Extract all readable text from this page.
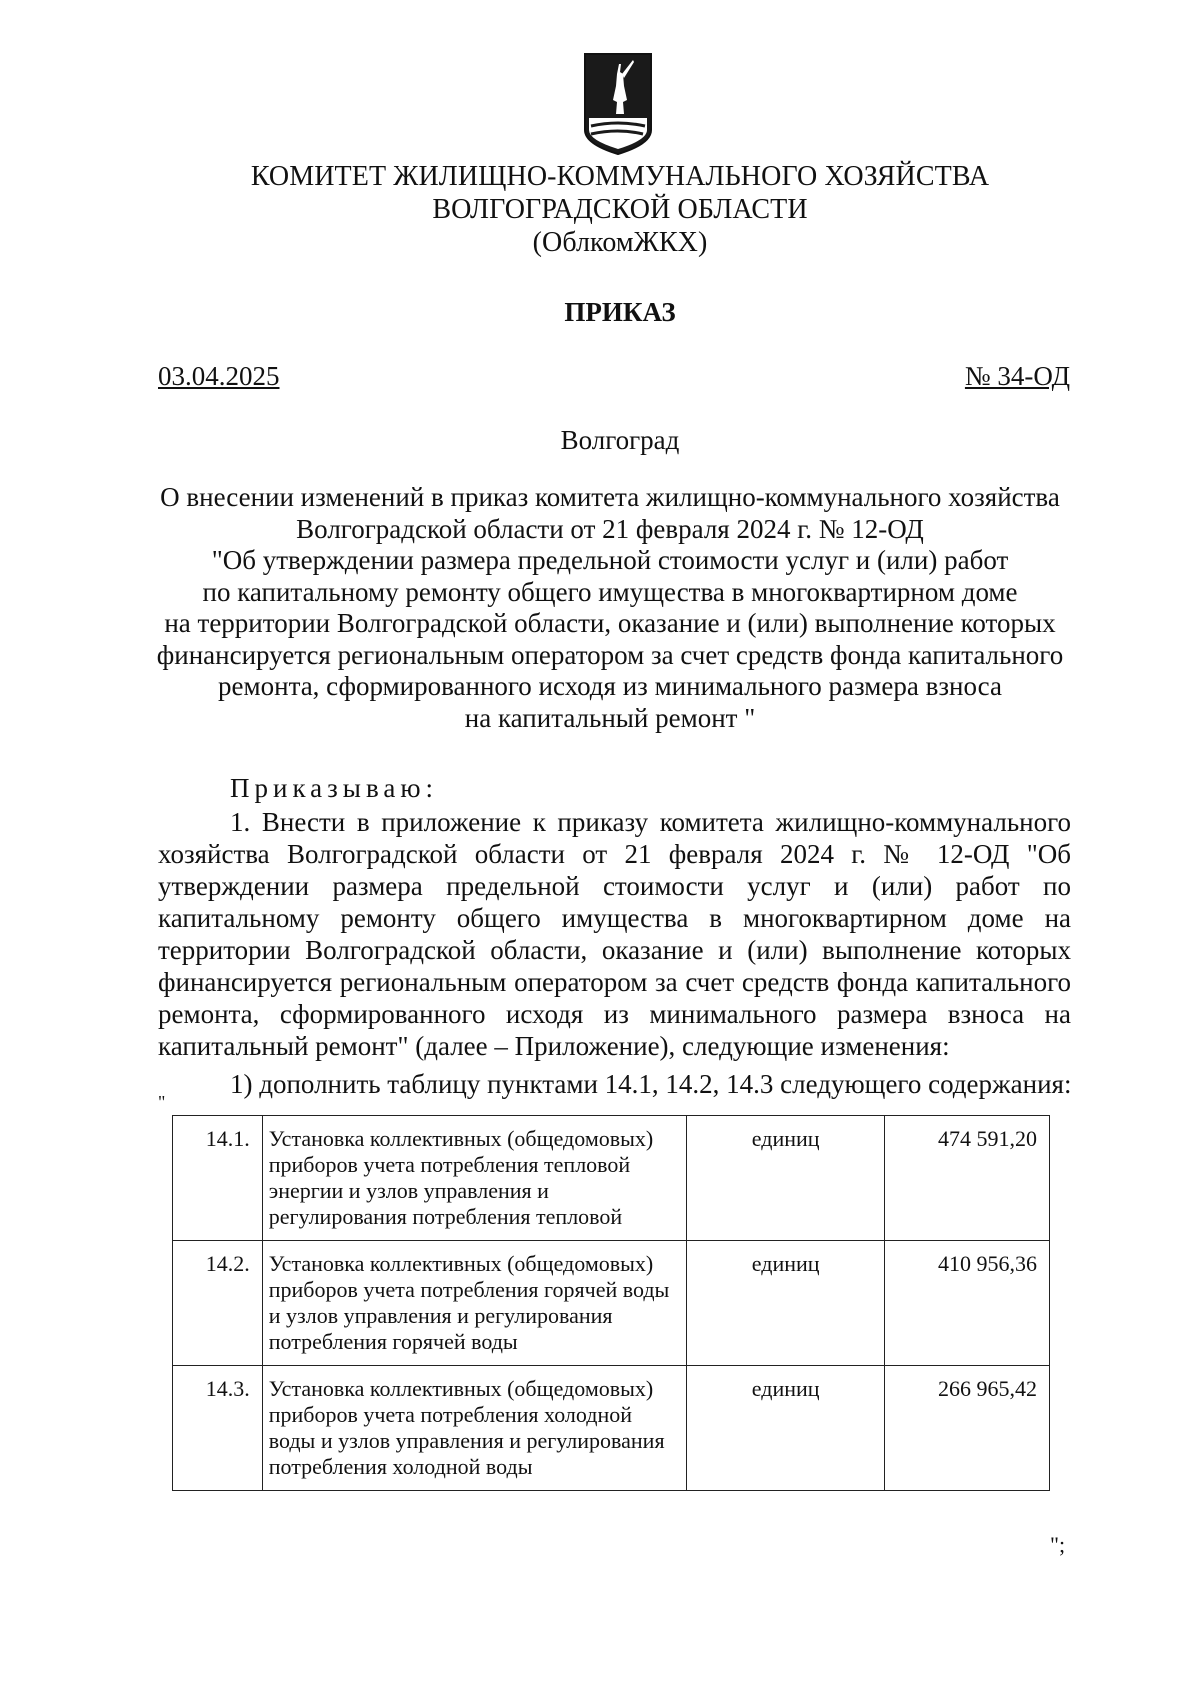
КОМИТЕТ ЖИЛИЩНО-КОММУНАЛЬНОГО ХОЗЯЙСТВА
ВОЛГОГРАДСКОЙ ОБЛАСТИ
(ОблкомЖКХ)
ПРИКАЗ
03.04.2025	№ 34-ОД
Волгоград
О внесении изменений в приказ комитета жилищно-коммунального хозяйства
Волгоградской области от 21 февраля 2024 г. № 12-ОД
"Об утверждении размера предельной стоимости услуг и (или) работ
по капитальному ремонту общего имущества в многоквартирном доме
на территории Волгоградской области, оказание и (или) выполнение которых
финансируется региональным оператором за счет средств фонда капитального
ремонта, сформированного исходя из минимального размера взноса
на капитальный ремонт "
Приказываю:
1. Внести в приложение к приказу комитета жилищно-коммунального хозяйства Волгоградской области от 21 февраля 2024 г. № 12-ОД "Об утверждении размера предельной стоимости услуг и (или) работ по капитальному ремонту общего имущества в многоквартирном доме на территории Волгоградской области, оказание и (или) выполнение которых финансируется региональным оператором за счет средств фонда капитального ремонта, сформированного исходя из минимального размера взноса на капитальный ремонт" (далее – Приложение), следующие изменения:
1) дополнить таблицу пунктами 14.1, 14.2, 14.3 следующего содержания:
"
14.1.	Установка коллективных (общедомовых) приборов учета потребления тепловой энергии и узлов управления и регулирования потребления тепловой	единиц	474 591,20
14.2.	Установка коллективных (общедомовых) приборов учета потребления горячей воды и узлов управления и регулирования потребления горячей воды	единиц	410 956,36
14.3.	Установка коллективных (общедомовых) приборов учета потребления холодной воды и узлов управления и регулирования потребления холодной воды	единиц	266 965,42
";
